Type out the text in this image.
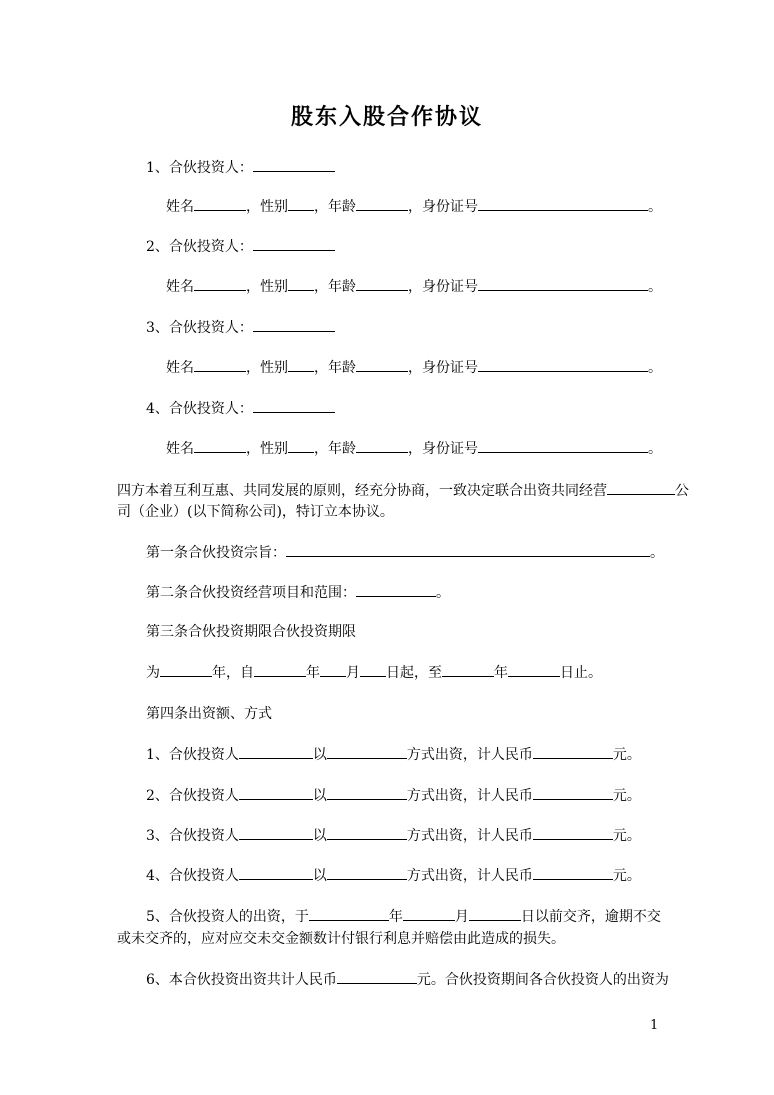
股东入股合作协议
1、合伙投资人：
姓名	，性别 ，年龄	，身份证号	。
2、合伙投资人：
姓名	，性别 ，年龄	，身份证号	。
3、合伙投资人：
姓名	，性别 ，年龄	，身份证号	。
4、合伙投资人：
姓名	，性别 ，年龄	，身份证号	。
四方本着互利互惠、共同发展的原则，经充分协商，一致决定联合出资共同经营	公
司（企业）(以下简称公司)，特订立本协议。
第一条合伙投资宗旨：	。
第二条合伙投资经营项目和范围：	。
第三条合伙投资期限合伙投资期限
为	年，自	年 月 日起，至	年	日止。
第四条出资额、方式
1、合伙投资人	以	方式出资，计人民币	元。
2、合伙投资人	以	方式出资，计人民币	元。
3、合伙投资人	以	方式出资，计人民币	元。
4、合伙投资人	以	方式出资，计人民币	元。
5、合伙投资人的出资，于	年	月	日以前交齐，逾期不交
或未交齐的，应对应交未交金额数计付银行利息并赔偿由此造成的损失。
6、本合伙投资出资共计人民币	元。合伙投资期间各合伙投资人的出资为
1
